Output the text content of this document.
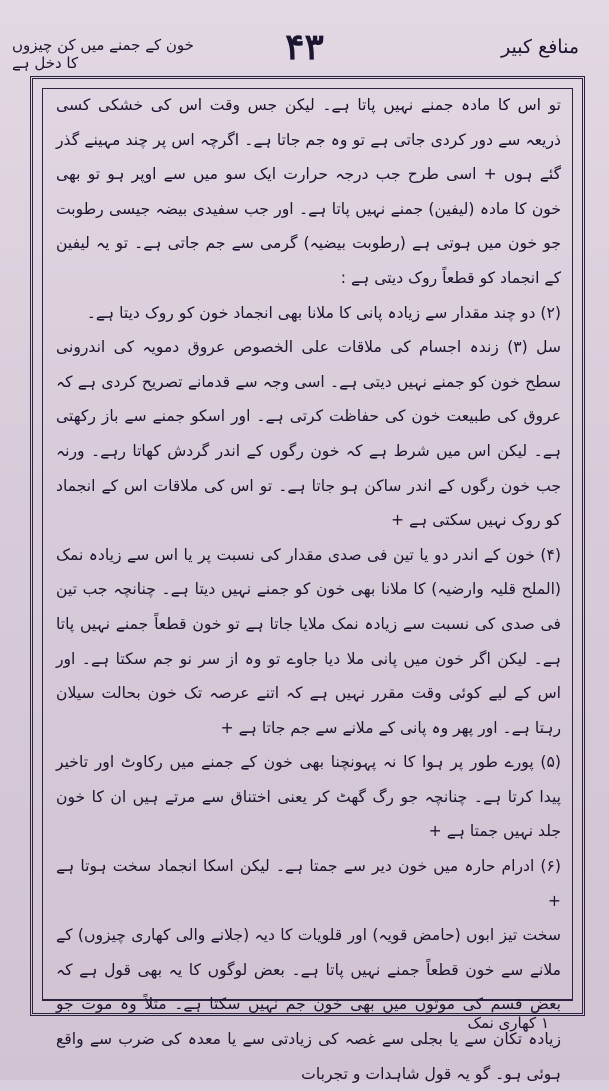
خون کے جمنے میں کن چیزوں کا دخل ہے	۴۳	منافع کبیر

تو اس کا مادہ جمنے نہیں پاتا ہے۔ لیکن جس وقت اس کی خشکی کسی ذریعہ سے دور کردی جاتی ہے تو وہ جم جاتا ہے۔ اگرچہ اس پر چند مہینے گذر گئے ہوں + اسی طرح جب درجہ حرارت ایک سو میں سے اوپر ہو تو بھی خون کا مادہ (لیفین) جمنے نہیں پاتا ہے۔ اور جب سفیدی بیضہ جیسی رطوبت جو خون میں ہوتی ہے (رطوبت بیضیہ) گرمی سے جم جاتی ہے۔ تو یہ لیفین کے انجماد کو قطعاً روک دیتی ہے :

(۲) دو چند مقدار سے زیادہ پانی کا ملانا بھی انجماد خون کو روک دیتا ہے۔

سل (۳) زندہ اجسام کی ملاقات علی الخصوص عروق دمویہ کی اندرونی سطح خون کو جمنے نہیں دیتی ہے۔ اسی وجہ سے قدمانے تصریح کردی ہے کہ عروق کی طبیعت خون کی حفاظت کرتی ہے۔ اور اسکو جمنے سے باز رکھتی ہے۔ لیکن اس میں شرط ہے کہ خون رگوں کے اندر گردش کھاتا رہے۔ ورنہ جب خون رگوں کے اندر ساکن ہو جاتا ہے۔ تو اس کی ملاقات اس کے انجماد کو روک نہیں سکتی ہے +

(۴) خون کے اندر دو یا تین فی صدی مقدار کی نسبت پر یا اس سے زیادہ نمک (الملح قلیہ وارضیہ) کا ملانا بھی خون کو جمنے نہیں دیتا ہے۔ چنانچہ جب تین فی صدی کی نسبت سے زیادہ نمک ملایا جاتا ہے تو خون قطعاً جمنے نہیں پاتا ہے۔ لیکن اگر خون میں پانی ملا دیا جاوے تو وہ از سر نو جم سکتا ہے۔ اور اس کے لیے کوئی وقت مقرر نہیں ہے کہ اتنے عرصہ تک خون بحالت سیلان رہتا ہے۔ اور پھر وہ پانی کے ملانے سے جم جاتا ہے +

(۵) پورے طور پر ہوا کا نہ پہونچنا بھی خون کے جمنے میں رکاوٹ اور تاخیر پیدا کرتا ہے۔ چنانچہ جو رگ گھٹ کر یعنی اختناق سے مرتے ہیں ان کا خون جلد نہیں جمتا ہے +

(۶) ادرام حارہ میں خون دیر سے جمتا ہے۔ لیکن اسکا انجماد سخت ہوتا ہے +

سخت تیز ابوں (حامض قویہ) اور قلویات کا دیہ (جلانے والی کھاری چیزوں) کے ملانے سے خون قطعاً جمنے نہیں پاتا ہے۔ بعض لوگوں کا یہ بھی قول ہے کہ بعض قسم کی موتوں میں بھی خون جم نہیں سکتا ہے۔ مثلاً وہ موت جو زیادہ تکان سے یا بجلی سے غصہ کی زیادتی سے یا معدہ کی ضرب سے واقع ہوئی ہو۔ گو یہ قول شاہدات و تجربات

۱ کھاری نمک
